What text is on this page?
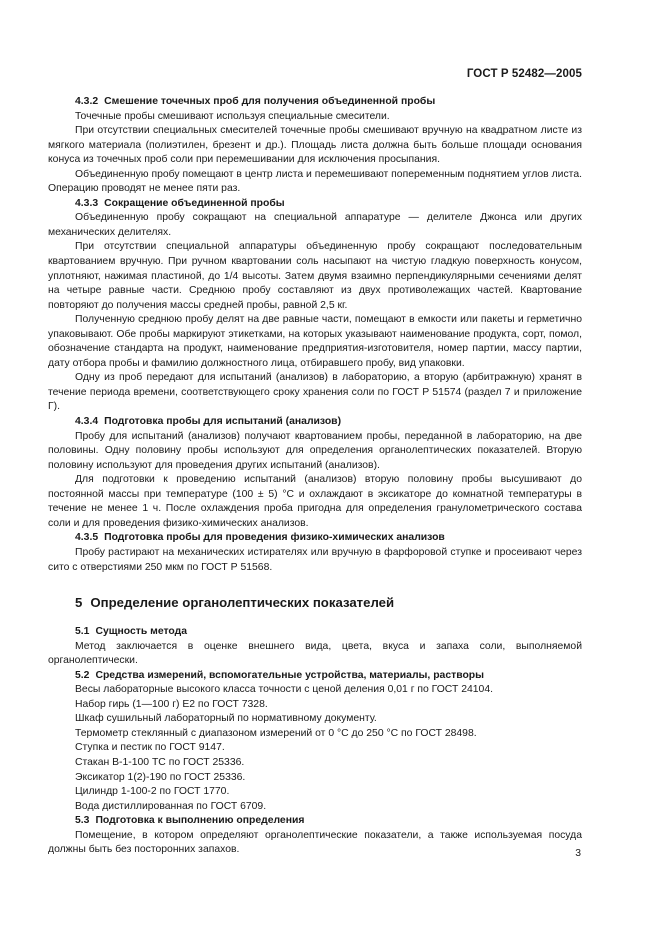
ГОСТ Р 52482—2005
4.3.2 Смешение точечных проб для получения объединенной пробы

Точечные пробы смешивают используя специальные смесители.

При отсутствии специальных смесителей точечные пробы смешивают вручную на квадратном листе из мягкого материала (полиэтилен, брезент и др.). Площадь листа должна быть больше площади основания конуса из точечных проб соли при перемешивании для исключения просыпания.

Объединенную пробу помещают в центр листа и перемешивают попеременным поднятием углов листа. Операцию проводят не менее пяти раз.

4.3.3 Сокращение объединенной пробы

Объединенную пробу сокращают на специальной аппаратуре — делителе Джонса или других механических делителях.

При отсутствии специальной аппаратуры объединенную пробу сокращают последовательным квартованием вручную. При ручном квартовании соль насыпают на чистую гладкую поверхность конусом, уплотняют, нажимая пластиной, до 1/4 высоты. Затем двумя взаимно перпендикулярными сечениями делят на четыре равные части. Среднюю пробу составляют из двух противолежащих частей. Квартование повторяют до получения массы средней пробы, равной 2,5 кг.

Полученную среднюю пробу делят на две равные части, помещают в емкости или пакеты и герметично упаковывают. Обе пробы маркируют этикетками, на которых указывают наименование продукта, сорт, помол, обозначение стандарта на продукт, наименование предприятия-изготовителя, номер партии, массу партии, дату отбора пробы и фамилию должностного лица, отбиравшего пробу, вид упаковки.

Одну из проб передают для испытаний (анализов) в лабораторию, а вторую (арбитражную) хранят в течение периода времени, соответствующего сроку хранения соли по ГОСТ Р 51574 (раздел 7 и приложение Г).

4.3.4 Подготовка пробы для испытаний (анализов)

Пробу для испытаний (анализов) получают квартованием пробы, переданной в лабораторию, на две половины. Одну половину пробы используют для определения органолептических показателей. Вторую половину используют для проведения других испытаний (анализов).

Для подготовки к проведению испытаний (анализов) вторую половину пробы высушивают до постоянной массы при температуре (100 ± 5) °С и охлаждают в эксикаторе до комнатной температуры в течение не менее 1 ч. После охлаждения проба пригодна для определения гранулометрического состава соли и для проведения физико-химических анализов.

4.3.5 Подготовка пробы для проведения физико-химических анализов

Пробу растирают на механических истирателях или вручную в фарфоровой ступке и просеивают через сито с отверстиями 250 мкм по ГОСТ Р 51568.

5 Определение органолептических показателей
5.1 Сущность метода

Метод заключается в оценке внешнего вида, цвета, вкуса и запаха соли, выполняемой органолептически.

5.2 Средства измерений, вспомогательные устройства, материалы, растворы

Весы лабораторные высокого класса точности с ценой деления 0,01 г по ГОСТ 24104.

Набор гирь (1—100 г) E2 по ГОСТ 7328.

Шкаф сушильный лабораторный по нормативному документу.

Термометр стеклянный с диапазоном измерений от 0 °С до 250 °С по ГОСТ 28498.

Ступка и пестик по ГОСТ 9147.

Стакан В-1-100 ТС по ГОСТ 25336.

Эксикатор 1(2)-190 по ГОСТ 25336.

Цилиндр 1-100-2 по ГОСТ 1770.

Вода дистиллированная по ГОСТ 6709.

5.3 Подготовка к выполнению определения

Помещение, в котором определяют органолептические показатели, а также используемая посуда должны быть без посторонних запахов.	3
